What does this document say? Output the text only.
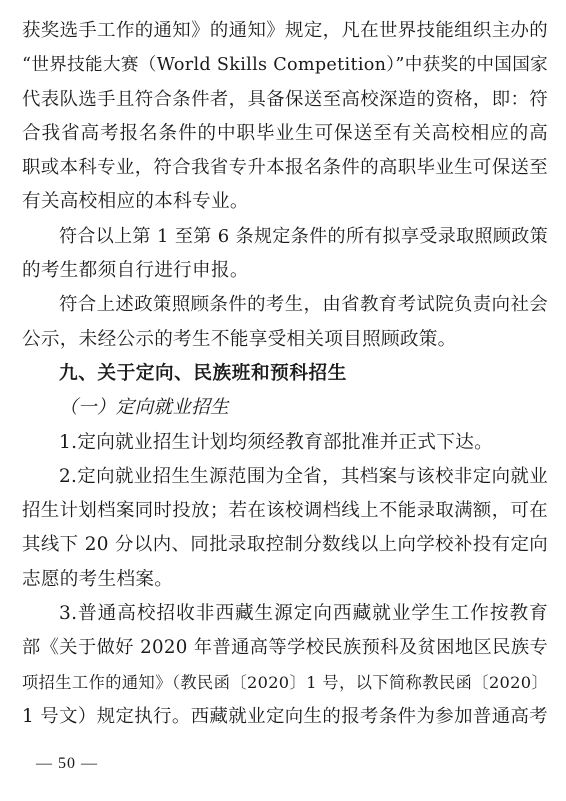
获奖选手工作的通知》的通知》规定，凡在世界技能组织主办的
“世界技能大赛（World Skills Competition）”中获奖的中国国家
代表队选手且符合条件者，具备保送至高校深造的资格，即：符
合我省高考报名条件的中职毕业生可保送至有关高校相应的高
职或本科专业，符合我省专升本报名条件的高职毕业生可保送至
有关高校相应的本科专业。
符合以上第 1 至第 6 条规定条件的所有拟享受录取照顾政策
的考生都须自行进行申报。
符合上述政策照顾条件的考生，由省教育考试院负责向社会
公示，未经公示的考生不能享受相关项目照顾政策。
九、关于定向、民族班和预科招生
（一）定向就业招生
1.定向就业招生计划均须经教育部批准并正式下达。
2.定向就业招生生源范围为全省，其档案与该校非定向就业
招生计划档案同时投放；若在该校调档线上不能录取满额，可在
其线下 20 分以内、同批录取控制分数线以上向学校补投有定向
志愿的考生档案。
3.普通高校招收非西藏生源定向西藏就业学生工作按教育
部《关于做好 2020 年普通高等学校民族预科及贫困地区民族专
项招生工作的通知》（教民函〔2020〕1 号，以下简称教民函〔2020〕
1 号文）规定执行。西藏就业定向生的报考条件为参加普通高考
— 50 —
